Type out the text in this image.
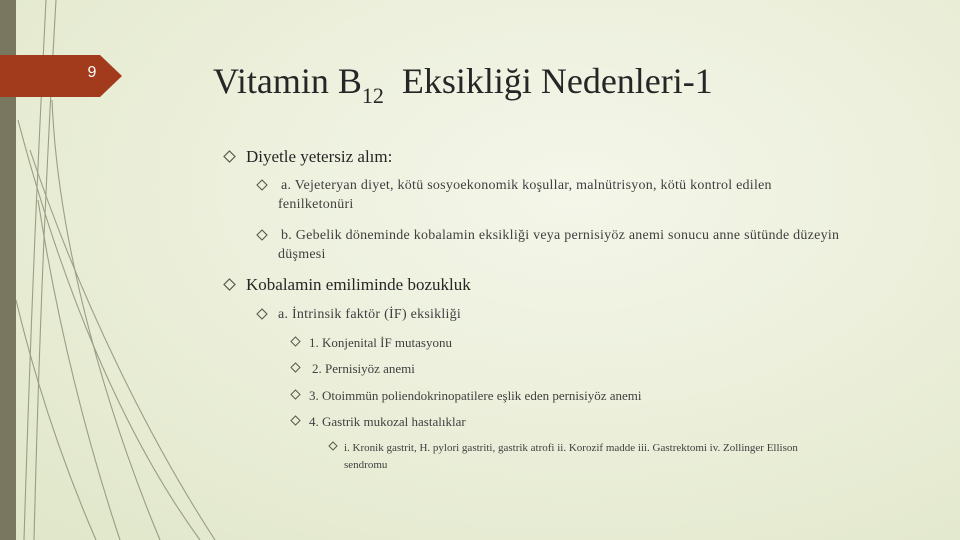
9	Vitamin $B_{12}$ Eksikliği Nedenleri-1
Diyetle yetersiz alım:
a. Vejeteryan diyet, kötü sosyoekonomik koşullar, malnütrisyon, kötü kontrol edilen
fenilketonüri
b. Gebelik döneminde kobalamin eksikliği veya pernisiyöz anemi sonucu anne sütünde düzeyin
düşmesi
Kobalamin emiliminde bozukluk
a. İntrinsik faktör (İF) eksikliği
1. Konjenital İF mutasyonu
2. Pernisiyöz anemi
3. Otoimmün poliendokrinopatilere eşlik eden pernisiyöz anemi
4. Gastrik mukozal hastalıklar
i. Kronik gastrit, H. pylori gastriti, gastrik atrofi ii. Korozif madde iii. Gastrektomi iv. Zollinger Ellison
sendromu
